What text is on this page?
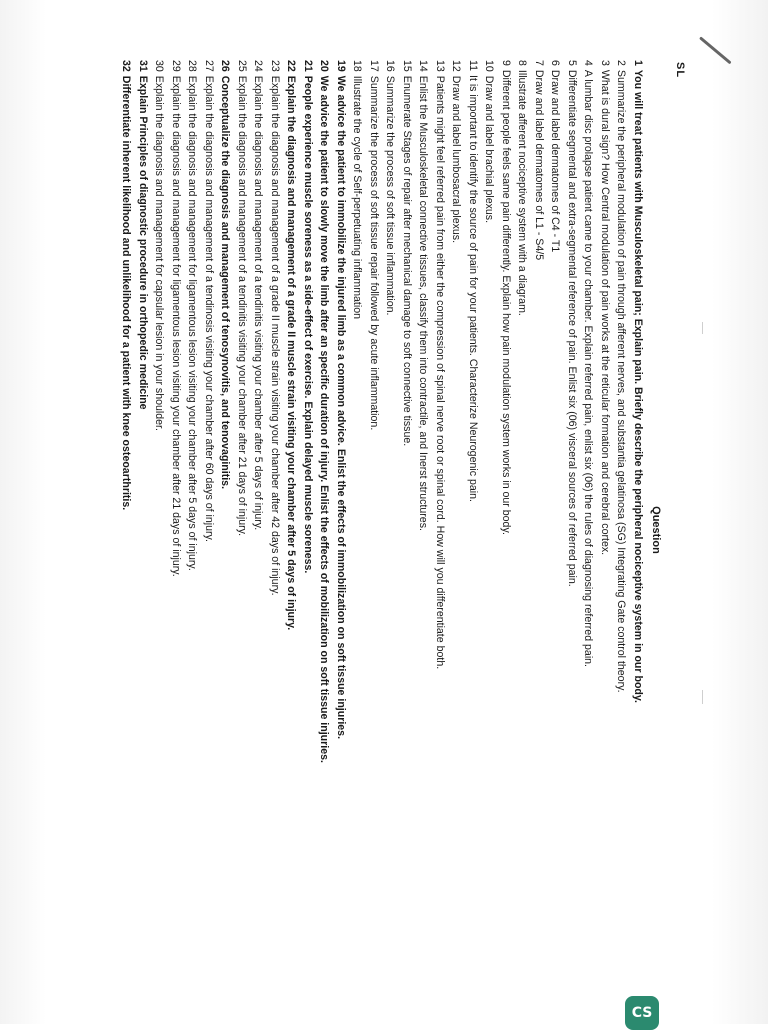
SL
Question
1You will treat patients with Musculoskeletal pain; Explain pain. Briefly describe the peripheral nociceptive system in our body.
2Summarize the peripheral modulation of pain through afferent nerves, and substantia gelatinosa (SG) Integrating Gate control theory.
3What is dural sign? How Central modulation of pain works at the reticular formation and cerebral cortex.
4A lumbar disc prolapse patient came to your chamber. Explain referred pain, enlist six (06) the rules of diagnosing referred pain.
5Differentiate segmental and extra-segmental reference of pain. Enlist six (06) visceral sources of referred pain.
6Draw and label dermatomes of C4 - T1
7Draw and label dermatomes of L1 - S4/5
8Illustrate afferent nociceptive system with a diagram.
9Different people feels same pain differently. Explain how pain modulation system works in our body.
10Draw and label brachial plexus.
11It is important to identify the source of pain for your patients. Characterize Neurogenic pain.
12Draw and label lumbosacral plexus.
13Patients might feel referred pain from either the compression of spinal nerve root or spinal cord. How will you differentiate both.
14Enlist the Musculoskeletal connective tissues, classify them into contractile, and Inerst structures.
15Enumerate Stages of repair after mechanical damage to soft connective tissue.
16Summarize the process of soft tissue inflammation.
17Summarize the process of soft tissue repair followed by acute inflammation.
18Illustrate the cycle of Self-perpetuating inflammation
19We advice the patient to immobilize the injured limb as a common advice. Enlist the effects of immobilization on soft tissue injuries.
20We advice the patient to slowly move the limb after an specific duration of injury. Enlist the effects of mobilization on soft tissue injuries.
21People experience muscle soreness as a side-effect of exercise. Explain delayed muscle soreness.
22Explain the diagnosis and management of a grade II muscle strain visiting your chamber after 5 days of injury.
23Explain the diagnosis and management of a grade II muscle strain visiting your chamber after 42 days of injury.
24Explain the diagnosis and management of a tendinitis visiting your chamber after 5 days of injury.
25Explain the diagnosis and management of a tendinitis visiting your chamber after 21 days of injury.
26Conceptualize the diagnosis and management of tenosynovitis, and tenovaginitis.
27Explain the diagnosis and management of a tendinosis visiting your chamber after 60 days of injury.
28Explain the diagnosis and management for ligamentous lesion visiting your chamber after 5 days of injury.
29Explain the diagnosis and management for ligamentous lesion visiting your chamber after 21 days of injury.
30Explain the diagnosis and management for capsular lesion in your shoulder.
31Explain Principles of diagnostic procedure in orthopedic medicine
32Differentiate inherent likelihood and unlikelihood for a patient with knee osteoarthritis.
CS
